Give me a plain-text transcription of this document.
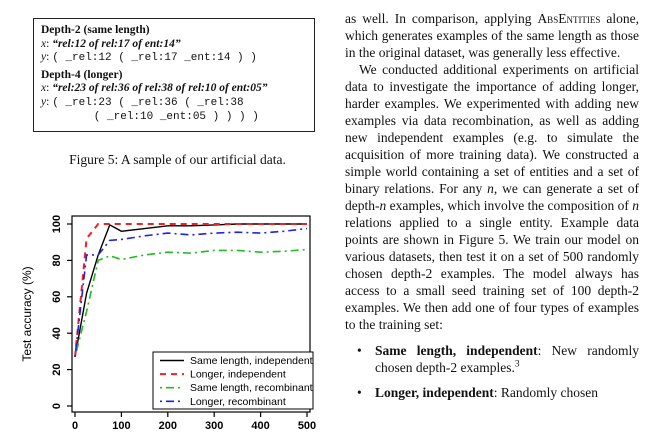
Depth-2 (same length)
x: “rel:12 of rel:17 of ent:14”
y: ( _rel:12 ( _rel:17 _ent:14 ) )
Depth-4 (longer)
x: “rel:23 of rel:36 of rel:38 of rel:10 of ent:05”
y: ( _rel:23 ( _rel:36 ( _rel:38
( _rel:10 _ent:05 ) ) ) )
Figure 5: A sample of our artificial data.
0	100	200	300	400	500
0
20
40
60
80
100
Test accuracy (%)	Same length, independent
Longer, independent
Same length, recombinant
Longer, recombinant

as well. In comparison, applying AbsEntities alone, which generates examples of the same length as those in the original dataset, was generally less effective.

We conducted additional experiments on artificial data to investigate the importance of adding longer, harder examples. We experimented with adding new examples via data recombination, as well as adding new independent examples (e.g. to simulate the acquisition of more training data). We constructed a simple world containing a set of entities and a set of binary relations. For any n, we can generate a set of depth-n examples, which involve the composition of n relations applied to a single entity. Example data points are shown in Figure 5. We train our model on various datasets, then test it on a set of 500 randomly chosen depth-2 examples. The model always has access to a small seed training set of 100 depth-2 examples. We then add one of four types of examples to the training set:

• Same length, independent: New randomly chosen depth-2 examples.$^3$
• Longer, independent: Randomly chosen
